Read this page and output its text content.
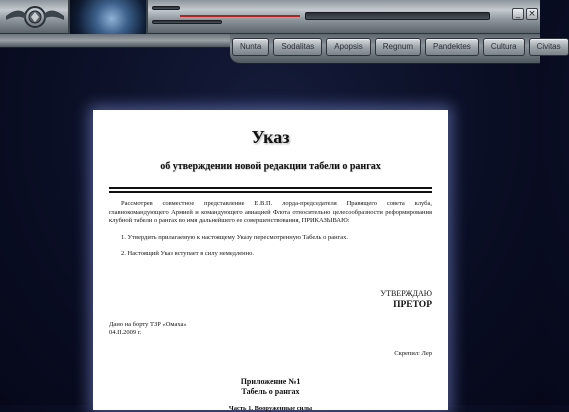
_ ×
Nunta	Sodalitas	Apopsis	Regnum	Pandektes	Cultura	Civitas
Указ
об утверждении новой редакции табели о рангах

Рассмотрев совместное представление Е.В.П. лорда-председателя Правящего совета клуба, главнокомандующего Армией и командующего авиацией Флота относительно целесообразности реформирования клубной табели о рангах во имя дальнейшего ее совершенствования, ПРИКАЗЫВАЮ:

1. Утвердить прилагаемую к настоящему Указу пересмотренную Табель о рангах.

2. Настоящий Указ вступает в силу немедленно.

УТВЕРЖДАЮ
ПРЕТОР
Дано на борту ТЗР «Омаха»
04.II.2009 г.
Скрепил: Лер
Приложение №1
Табель о рангах
Часть 1. Вооруженные силы
